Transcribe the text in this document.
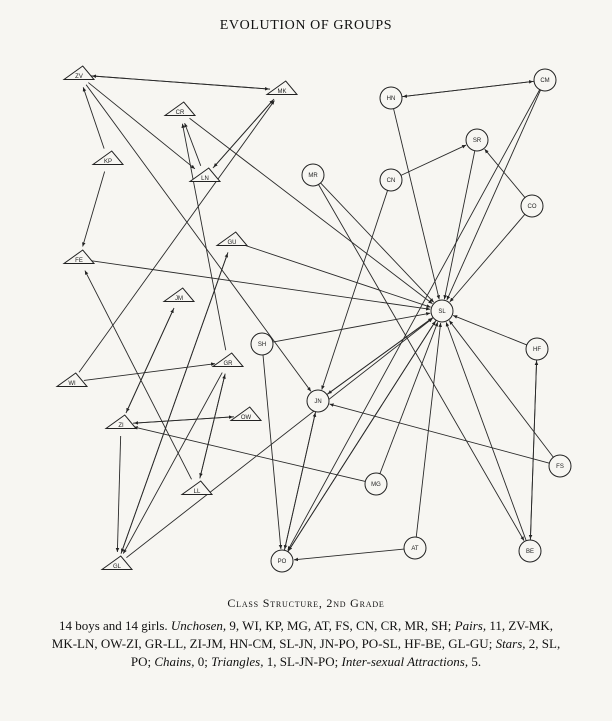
EVOLUTION OF GROUPS
ZV
MK
CR
KP
LN
FE
GU
JM
WI
GR
OW
ZI
LL
GL
HN
CM
SR
MR
CN
CO
SL
SH
HF
JN
FS
MG
AT
PO
BE
Class Structure, 2nd Grade
14 boys and 14 girls. Unchosen, 9, WI, KP, MG, AT, FS, CN, CR, MR, SH; Pairs, 11, ZV-MK, MK-LN, OW-ZI, GR-LL, ZI-JM, HN-CM, SL-JN, JN-PO, PO-SL, HF-BE, GL-GU; Stars, 2, SL, PO; Chains, 0; Triangles, 1, SL-JN-PO; Inter-sexual Attractions, 5.
